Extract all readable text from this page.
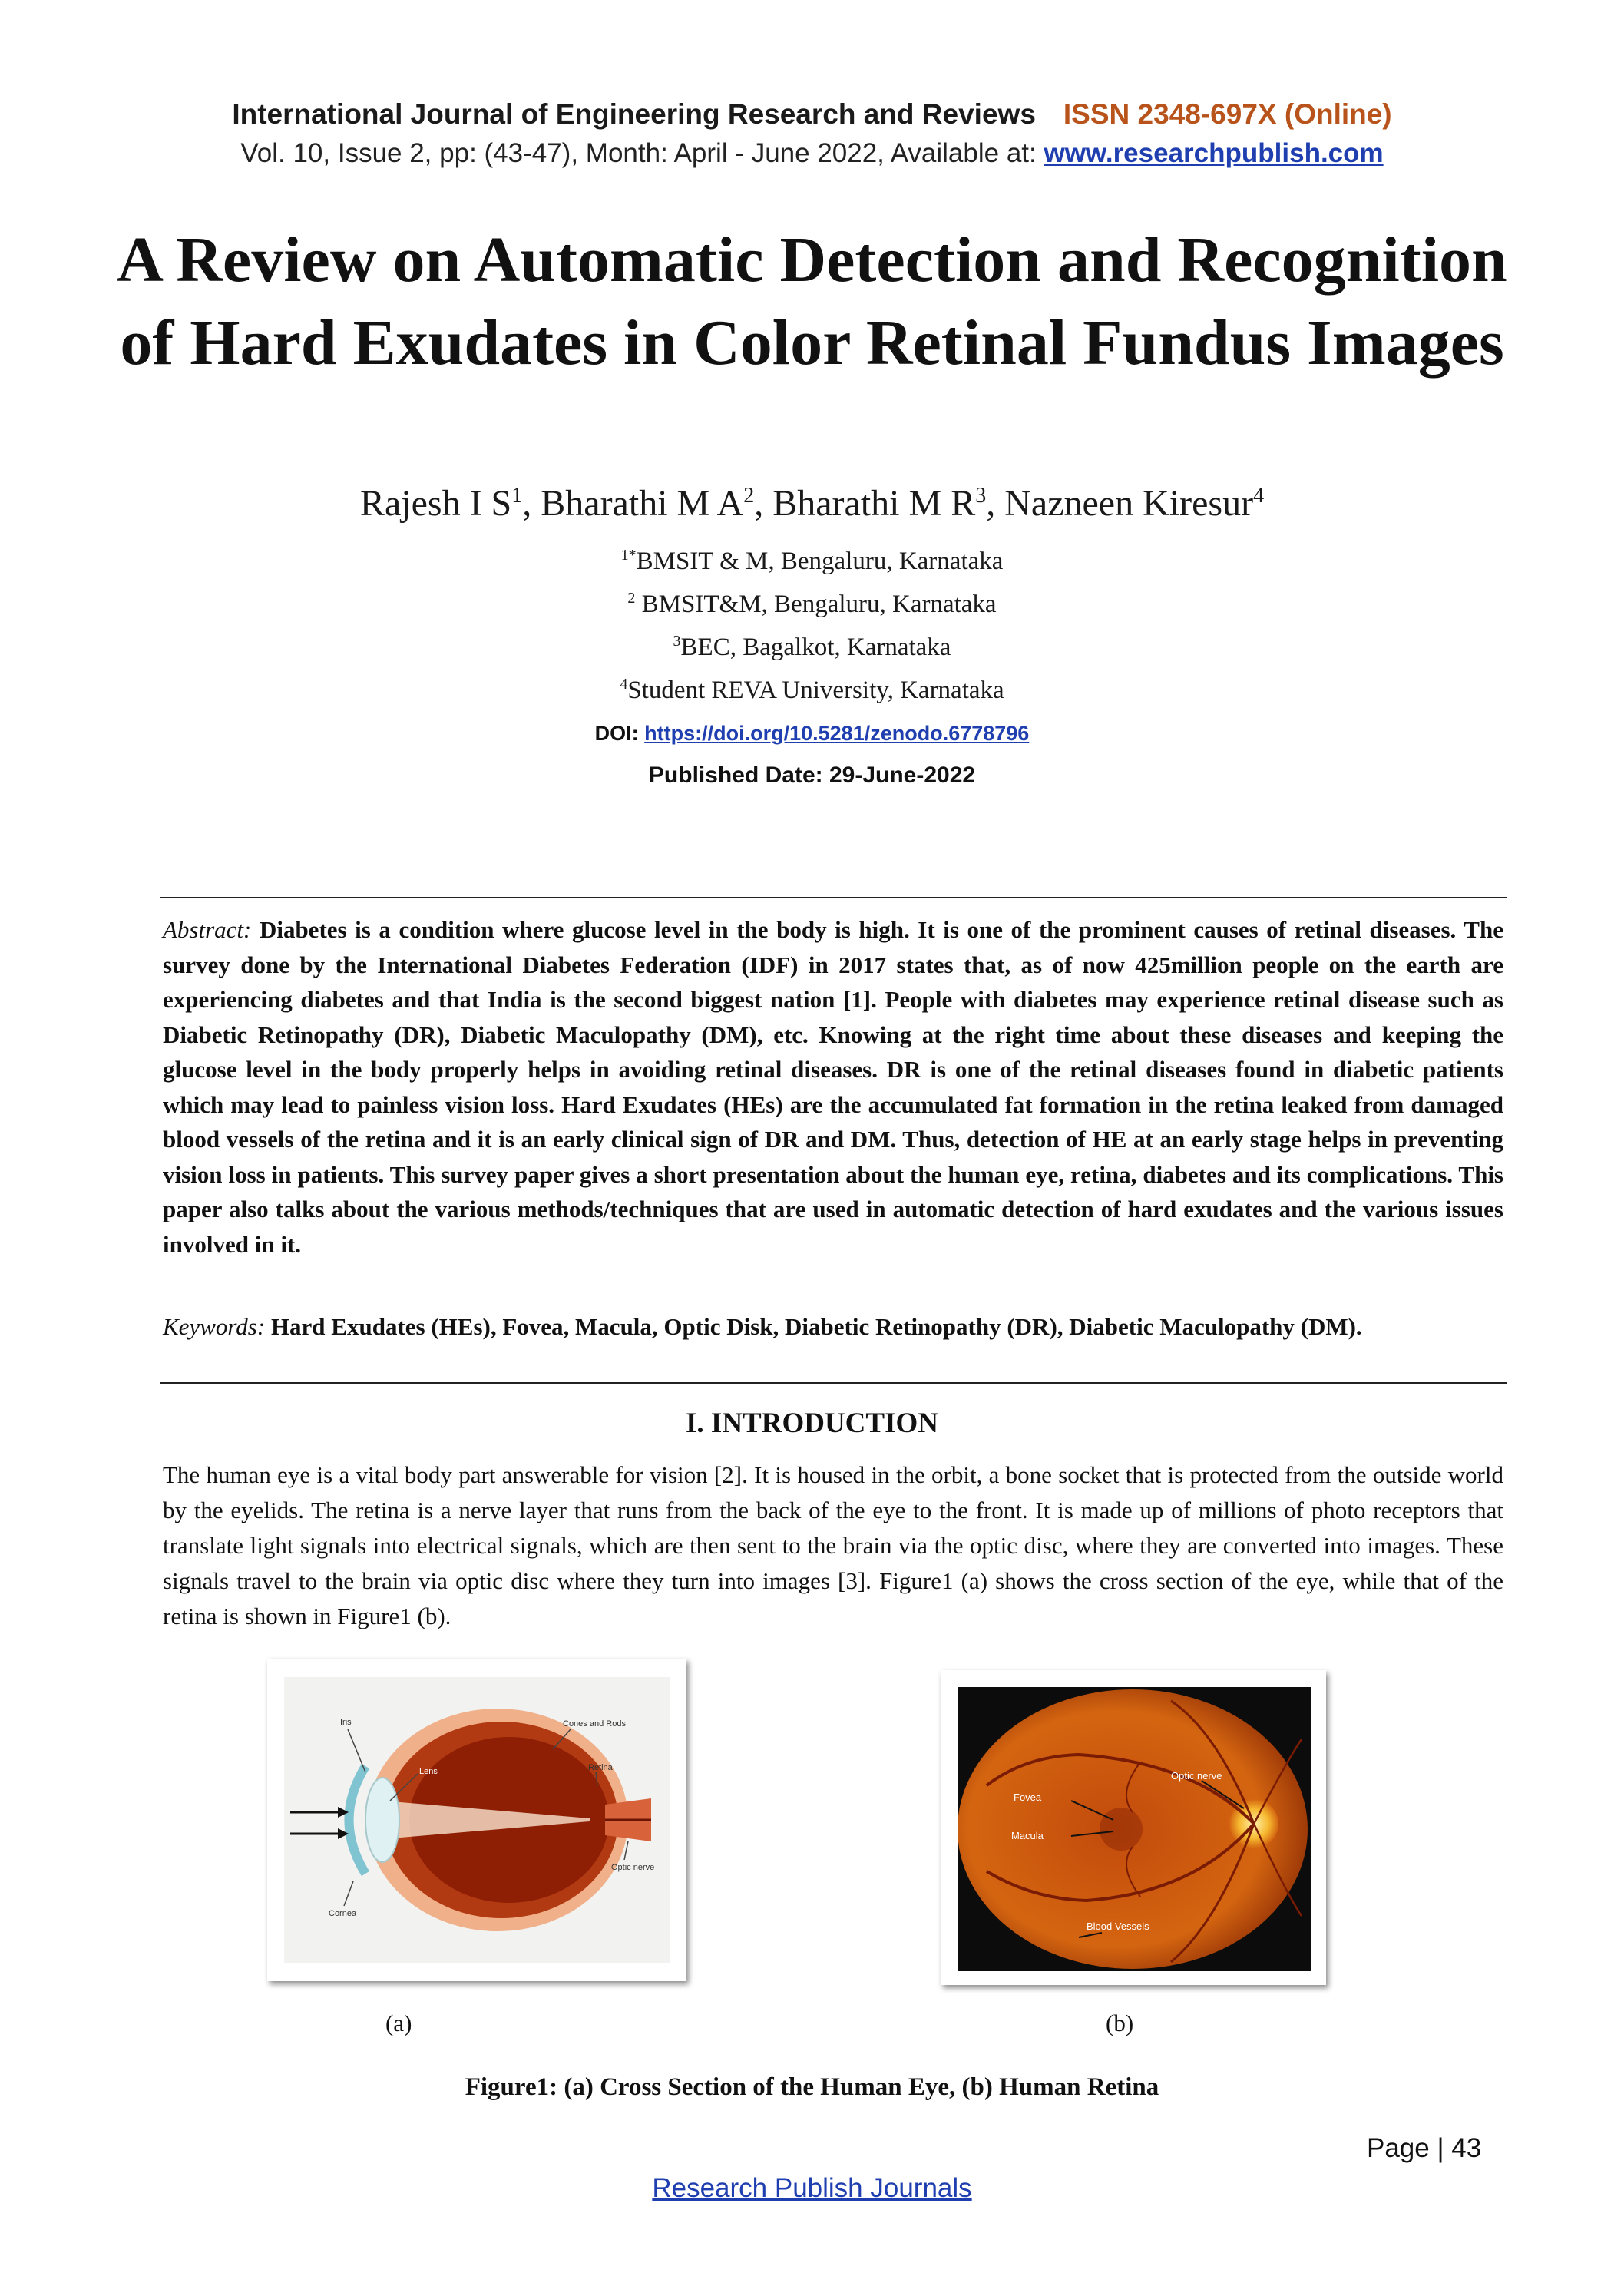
International Journal of Engineering Research and Reviews ISSN 2348-697X (Online)
Vol. 10, Issue 2, pp: (43-47), Month: April - June 2022, Available at: www.researchpublish.com
A Review on Automatic Detection and Recognition of Hard Exudates in Color Retinal Fundus Images
Rajesh I $S^1$, Bharathi M $A^2$, Bharathi M $R^3$, Nazneen Kiresur$^4$
$^{1*}$BMSIT & M, Bengaluru, Karnataka
$^2$ BMSIT&M, Bengaluru, Karnataka
$^3$BEC, Bagalkot, Karnataka
$^4$Student REVA University, Karnataka
DOI: https://doi.org/10.5281/zenodo.6778796
Published Date: 29-June-2022
Abstract: Diabetes is a condition where glucose level in the body is high. It is one of the prominent causes of retinal diseases. The survey done by the International Diabetes Federation (IDF) in 2017 states that, as of now 425million people on the earth are experiencing diabetes and that India is the second biggest nation [1]. People with diabetes may experience retinal disease such as Diabetic Retinopathy (DR), Diabetic Maculopathy (DM), etc. Knowing at the right time about these diseases and keeping the glucose level in the body properly helps in avoiding retinal diseases. DR is one of the retinal diseases found in diabetic patients which may lead to painless vision loss. Hard Exudates (HEs) are the accumulated fat formation in the retina leaked from damaged blood vessels of the retina and it is an early clinical sign of DR and DM. Thus, detection of HE at an early stage helps in preventing vision loss in patients. This survey paper gives a short presentation about the human eye, retina, diabetes and its complications. This paper also talks about the various methods/techniques that are used in automatic detection of hard exudates and the various issues involved in it.
Keywords: Hard Exudates (HEs), Fovea, Macula, Optic Disk, Diabetic Retinopathy (DR), Diabetic Maculopathy (DM).
I. INTRODUCTION
The human eye is a vital body part answerable for vision [2]. It is housed in the orbit, a bone socket that is protected from the outside world by the eyelids. The retina is a nerve layer that runs from the back of the eye to the front. It is made up of millions of photo receptors that translate light signals into electrical signals, which are then sent to the brain via the optic disc, where they are converted into images. These signals travel to the brain via optic disc where they turn into images [3]. Figure1 (a) shows the cross section of the eye, while that of the retina is shown in Figure1 (b).
Iris
Lens
Cones and Rods
Retina
Optic nerve
Cornea
Fovea
Macula
Optic nerve
Blood Vessels
(a)	(b)
Figure1: (a) Cross Section of the Human Eye, (b) Human Retina
Page | 43
Research Publish Journals
